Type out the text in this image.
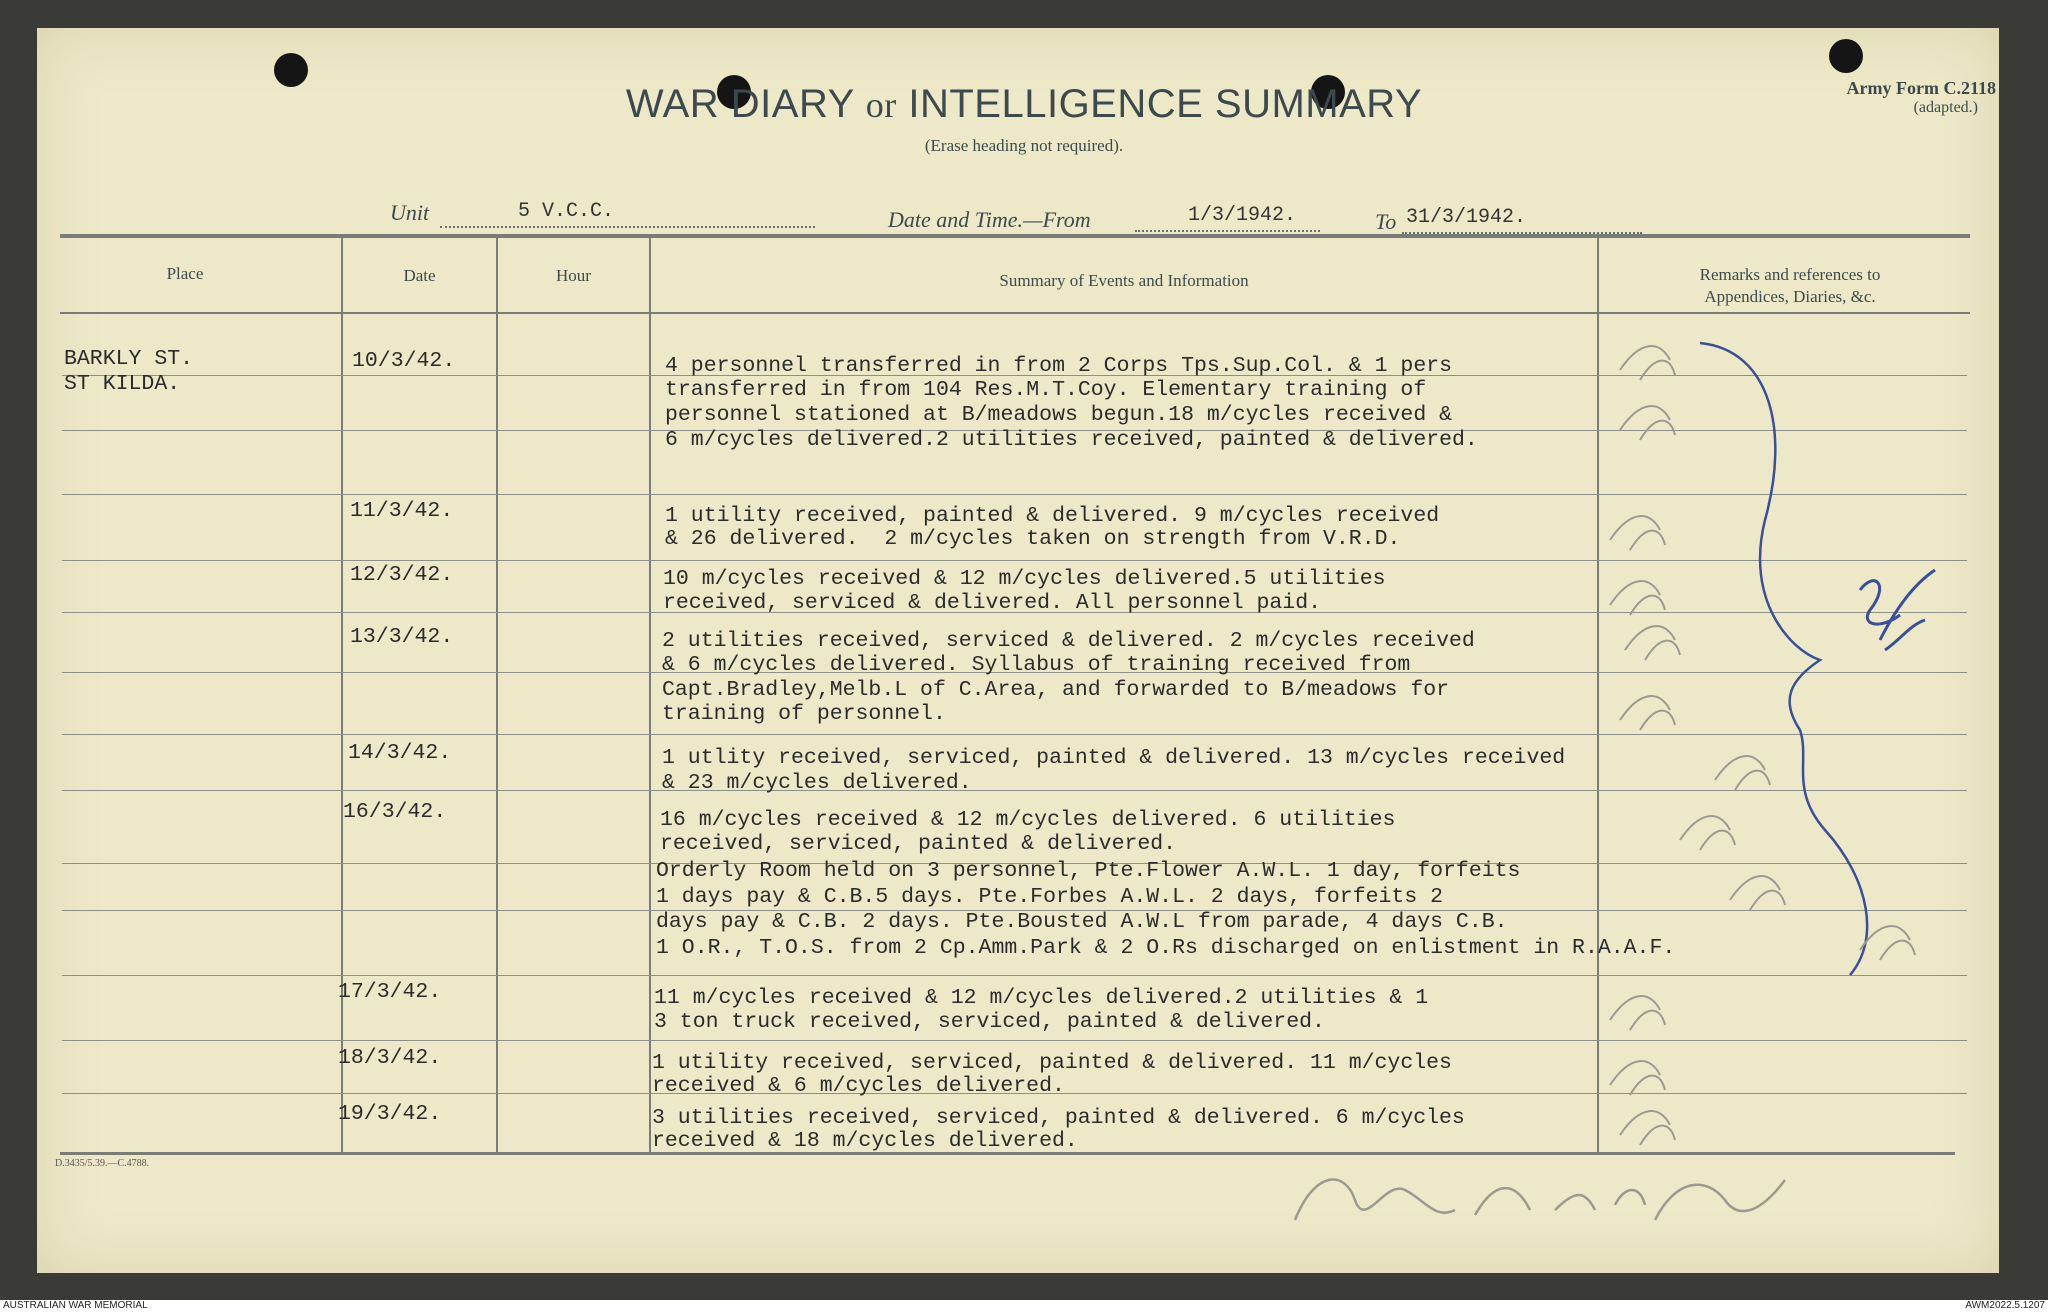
WAR DIARY or INTELLIGENCE SUMMARY
(Erase heading not required).
Army Form C.2118
(adapted.)
Unit	5 V.C.C.	Date and Time.—From	1/3/1942.	To 31/3/1942.
Place	Date	Hour	Summary of Events and Information	Remarks and references to
Appendices, Diaries, &c.
BARKLY ST.
ST KILDA.
10/3/42.	4 personnel transferred in from 2 Corps Tps.Sup.Col. & 1 pers
transferred in from 104 Res.M.T.Coy. Elementary training of
personnel stationed at B/meadows begun.18 m/cycles received &
6 m/cycles delivered.2 utilities received, painted & delivered.
11/3/42.	1 utility received, painted & delivered. 9 m/cycles received
& 26 delivered.  2 m/cycles taken on strength from V.R.D.
12/3/42.	10 m/cycles received & 12 m/cycles delivered.5 utilities
received, serviced & delivered. All personnel paid.
13/3/42.	2 utilities received, serviced & delivered. 2 m/cycles received
& 6 m/cycles delivered. Syllabus of training received from
Capt.Bradley,Melb.L of C.Area, and forwarded to B/meadows for
training of personnel.
14/3/42.	1 utlity received, serviced, painted & delivered. 13 m/cycles received
& 23 m/cycles delivered.
16/3/42.	16 m/cycles received & 12 m/cycles delivered. 6 utilities
received, serviced, painted & delivered.
Orderly Room held on 3 personnel, Pte.Flower A.W.L. 1 day, forfeits
1 days pay & C.B.5 days. Pte.Forbes A.W.L. 2 days, forfeits 2
days pay & C.B. 2 days. Pte.Bousted A.W.L from parade, 4 days C.B.
1 O.R., T.O.S. from 2 Cp.Amm.Park & 2 O.Rs discharged on enlistment in R.A.A.F.
17/3/42.	11 m/cycles received & 12 m/cycles delivered.2 utilities & 1
3 ton truck received, serviced, painted & delivered.
18/3/42.	1 utility received, serviced, painted & delivered. 11 m/cycles
received & 6 m/cycles delivered.
19/3/42.	3 utilities received, serviced, painted & delivered. 6 m/cycles
received & 18 m/cycles delivered.
D.3435/5.39.—C.4788.
AUSTRALIAN WAR MEMORIAL	AWM2022.5.1207
